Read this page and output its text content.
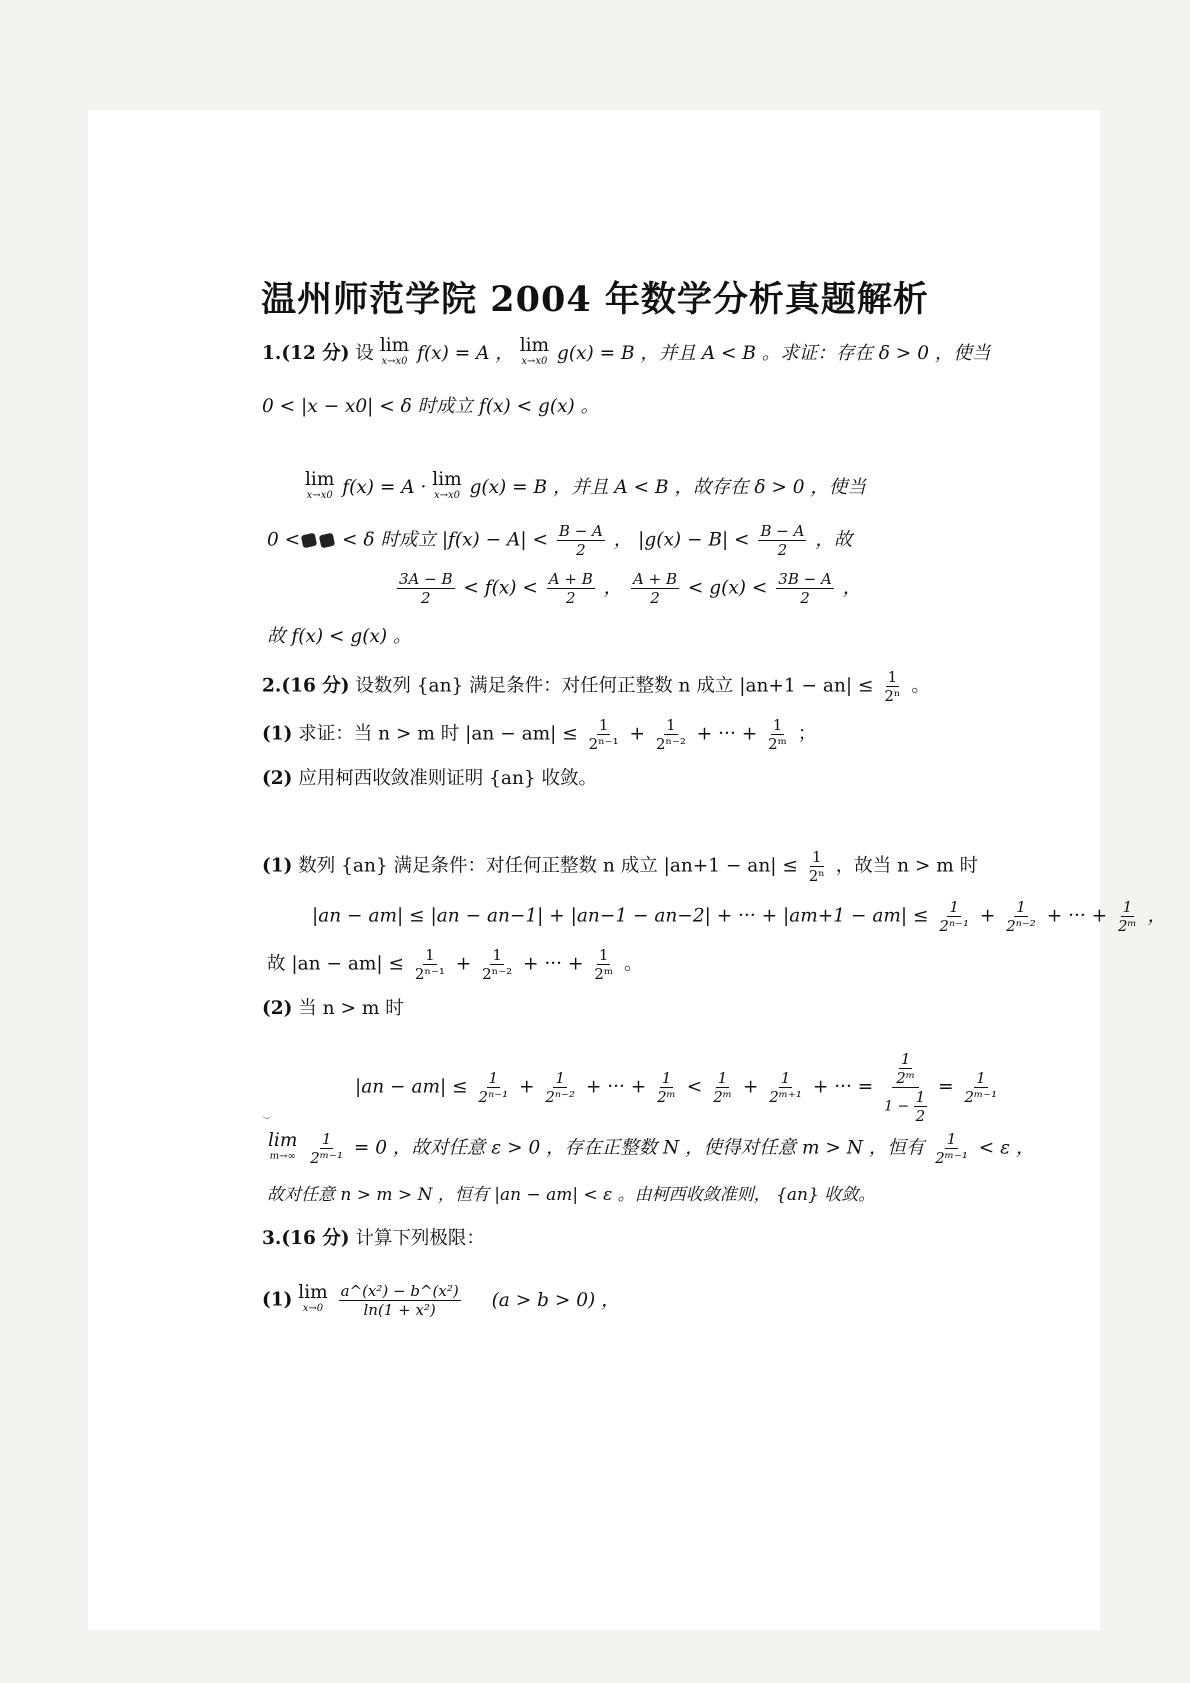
温州师范学院 2004 年数学分析真题解析
1.(12 分) 设 lim
x→x0 f(x) = A ， lim
x→x0 g(x) = B ，并且 A < B 。求证：存在 δ > 0 ，使当
0 < |x − x0| < δ 时成立 f(x) < g(x) 。
lim
x→x0 f(x) = A · lim
x→x0 g(x) = B ，并且 A < B ，故存在 δ > 0 ，使当
0 < < δ 时成立 $|f(x) - A| < \frac{B - A}{2}$ ， $|g(x) - B| < \frac{B - A}{2}$ ，故
$\frac{3A - B}{2} < f(x) < \frac{A + B}{2}$ ， $\frac{A + B}{2} < g(x) < \frac{3B - A}{2}$ ，
故 f(x) < g(x) 。
2.(16 分) 设数列 {an} 满足条件：对任何正整数 n 成立 $|an+1 - an| \le \frac{1}{\text{2ⁿ}}$ 。
(1) 求证：当 n > m 时 $|an - am| \le \frac{1}{\text{2ⁿ⁻¹}} + \frac{1}{\text{2ⁿ⁻²}}$ + ··· + $\frac{1}{\text{2ᵐ}}$ ；
(2) 应用柯西收敛准则证明 {an} 收敛。
(1) 数列 {an} 满足条件：对任何正整数 n 成立 $|an+1 - an| \le \frac{1}{\text{2ⁿ}}$ ，故当 n > m 时
|an − am| ≤ |an − an−1| + |an−1 − an−2| + ··· + $|am+1 - am| \le \frac{1}{\text{2ⁿ⁻¹}} + \frac{1}{\text{2ⁿ⁻²}}$ + ··· + $\frac{1}{\text{2ᵐ}}$ ，
故 $|an - am| \le \frac{1}{\text{2ⁿ⁻¹}} + \frac{1}{\text{2ⁿ⁻²}}$ + ··· + $\frac{1}{\text{2ᵐ}}$ 。
(2) 当 n > m 时
$|an - am| \le \frac{1}{\text{2ⁿ⁻¹}} + \frac{1}{\text{2ⁿ⁻²}}$ + ··· + $\frac{1}{\text{2ᵐ}} < \frac{1}{\text{2ᵐ}} + \frac{1}{\text{2ᵐ⁺¹}}$ + ··· = $\frac{\frac{1}{\text{2ᵐ}}}{1 - \frac{1}{2}} = \frac{1}{\text{2ᵐ⁻¹}}$
lim
m→∞
$\frac{1}{\text{2ᵐ⁻¹}} = 0$ ，故对任意 ε > 0 ，存在正整数 N ，使得对任意 m > N ，恒有 $\frac{1}{\text{2ᵐ⁻¹}} < \varepsilon$ ，
故对任意 n > m > N ，恒有 |an − am| < ε 。由柯西收敛准则， {an} 收敛。
3.(16 分) 计算下列极限：
(1) lim
x→0
$\frac{\text{a\textasciicircum{}(x²) − b\textasciicircum{}(x²)}}{\text{ln(1 + x²)}} (a > b > 0)$ ，
